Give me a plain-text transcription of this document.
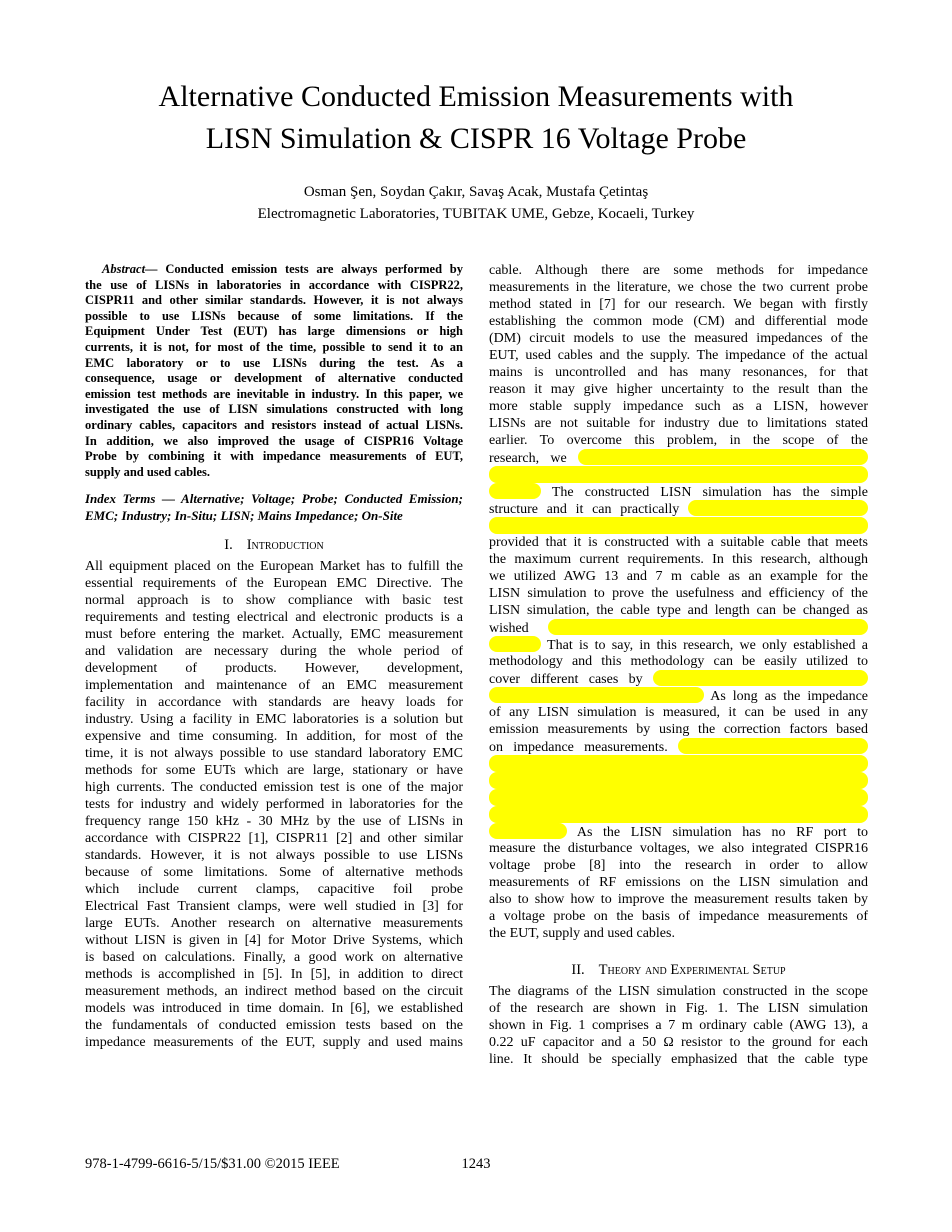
Alternative Conducted Emission Measurements with
LISN Simulation & CISPR 16 Voltage Probe
Osman Şen, Soydan Çakır, Savaş Acak, Mustafa Çetintaş
Electromagnetic Laboratories, TUBITAK UME, Gebze, Kocaeli, Turkey
Abstract— Conducted emission tests are always performed by
the use of LISNs in laboratories in accordance with CISPR22,
CISPR11 and other similar standards. However, it is not always
possible to use LISNs because of some limitations. If the
Equipment Under Test (EUT) has large dimensions or high
currents, it is not, for most of the time, possible to send it to an
EMC laboratory or to use LISNs during the test. As a
consequence, usage or development of alternative conducted
emission test methods are inevitable in industry. In this paper, we
investigated the use of LISN simulations constructed with long
ordinary cables, capacitors and resistors instead of actual LISNs.
In addition, we also improved the usage of CISPR16 Voltage
Probe by combining it with impedance measurements of EUT,
supply and used cables.
Index Terms — Alternative; Voltage; Probe; Conducted Emission;
EMC; Industry; In-Situ; LISN; Mains Impedance; On-Site
I. Introduction
All equipment placed on the European Market has to fulfill the
essential requirements of the European EMC Directive. The
normal approach is to show compliance with basic test
requirements and testing electrical and electronic products is a
must before entering the market. Actually, EMC measurement
and validation are necessary during the whole period of
development of products. However, development,
implementation and maintenance of an EMC measurement
facility in accordance with standards are heavy loads for
industry. Using a facility in EMC laboratories is a solution but
expensive and time consuming. In addition, for most of the
time, it is not always possible to use standard laboratory EMC
methods for some EUTs which are large, stationary or have
high currents. The conducted emission test is one of the major
tests for industry and widely performed in laboratories for the
frequency range 150 kHz - 30 MHz by the use of LISNs in
accordance with CISPR22 [1], CISPR11 [2] and other similar
standards. However, it is not always possible to use LISNs
because of some limitations. Some of alternative methods
which include current clamps, capacitive foil probe
Electrical Fast Transient clamps, were well studied in [3] for
large EUTs. Another research on alternative measurements
without LISN is given in [4] for Motor Drive Systems, which
is based on calculations. Finally, a good work on alternative
methods is accomplished in [5]. In [5], in addition to direct
measurement methods, an indirect method based on the circuit
models was introduced in time domain. In [6], we established
the fundamentals of conducted emission tests based on the
impedance measurements of the EUT, supply and used mains
cable. Although there are some methods for impedance
measurements in the literature, we chose the two current probe
method stated in [7] for our research. We began with firstly
establishing the common mode (CM) and differential mode
(DM) circuit models to use the measured impedances of the
EUT, used cables and the supply. The impedance of the actual
mains is uncontrolled and has many resonances, for that
reason it may give higher uncertainty to the result than the
more stable supply impedance such as a LISN, however
LISNs are not suitable for industry due to limitations stated
earlier. To overcome this problem, in the scope of the
research, we
The constructed LISN simulation has the simple
structure and it can practically
provided that it is constructed with a suitable cable that meets
the maximum current requirements. In this research, although
we utilized AWG 13 and 7 m cable as an example for the
LISN simulation to prove the usefulness and efficiency of the
LISN simulation, the cable type and length can be changed as
wished
That is to say, in this research, we only established a
methodology and this methodology can be easily utilized to
cover different cases by
As long as the impedance
of any LISN simulation is measured, it can be used in any
emission measurements by using the correction factors based
on impedance measurements.
As the LISN simulation has no RF port to
measure the disturbance voltages, we also integrated CISPR16
voltage probe [8] into the research in order to allow
measurements of RF emissions on the LISN simulation and
also to show how to improve the measurement results taken by
a voltage probe on the basis of impedance measurements of
the EUT, supply and used cables.
II. Theory and Experimental Setup
The diagrams of the LISN simulation constructed in the scope
of the research are shown in Fig. 1. The LISN simulation
shown in Fig. 1 comprises a 7 m ordinary cable (AWG 13), a
0.22 uF capacitor and a 50 Ω resistor to the ground for each
line. It should be specially emphasized that the cable type
978-1-4799-6616-5/15/$31.00 ©2015 IEEE	1243
